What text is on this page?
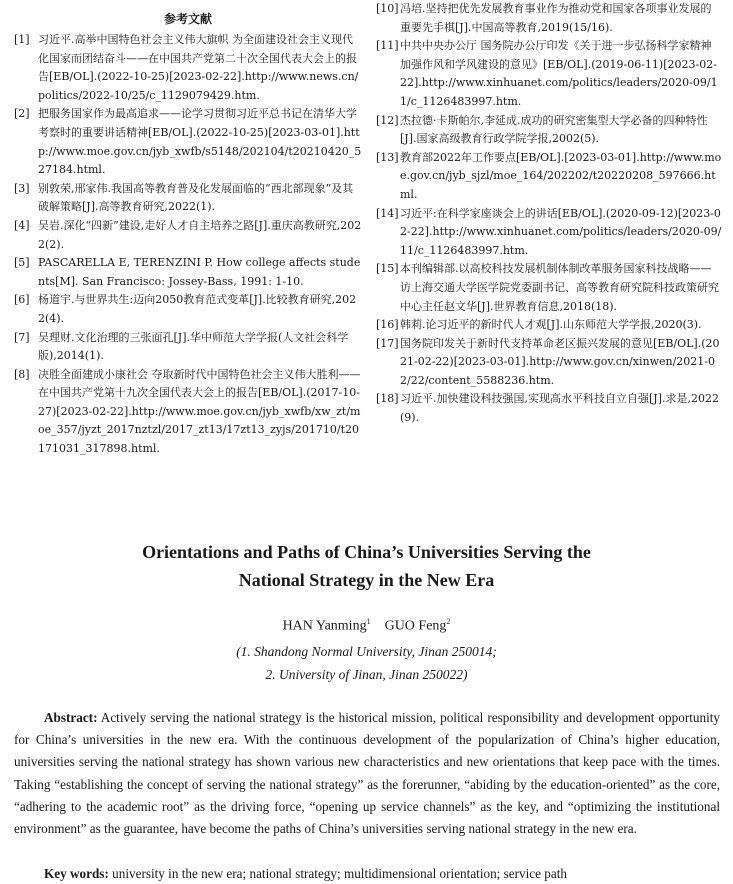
参考文献
[1] 习近平.高举中国特色社会主义伟大旗帜 为全面建设社会主义现代化国家而团结奋斗——在中国共产党第二十次全国代表大会上的报告[EB/OL].(2022-10-25)[2023-02-22].http://www.news.cn/politics/2022-10/25/c_1129079429.htm.
[2] 把服务国家作为最高追求——论学习贯彻习近平总书记在清华大学考察时的重要讲话精神[EB/OL].(2022-10-25)[2023-03-01].http://www.moe.gov.cn/jyb_xwfb/s5148/202104/t20210420_527184.html.
[3] 别敦荣,邢家伟.我国高等教育普及化发展面临的“西北部现象”及其破解策略[J].高等教育研究,2022(1).
[4] 吴岩.深化“四新”建设,走好人才自主培养之路[J].重庆高教研究,2022(2).
[5] PASCARELLA E, TERENZINI P. How college affects students[M]. San Francisco: Jossey-Bass, 1991: 1-10.
[6] 杨道宇.与世界共生:迈向2050教育范式变革[J].比较教育研究,2022(4).
[7] 吴理财.文化治理的三张面孔[J].华中师范大学学报(人文社会科学版),2014(1).
[8] 决胜全面建成小康社会 夺取新时代中国特色社会主义伟大胜利——在中国共产党第十九次全国代表大会上的报告[EB/OL].(2017-10-27)[2023-02-22].http://www.moe.gov.cn/jyb_xwfb/xw_zt/moe_357/jyzt_2017nztzl/2017_zt13/17zt13_zyjs/201710/t20171031_317898.html.
[10] 冯培.坚持把优先发展教育事业作为推动党和国家各项事业发展的重要先手棋[J].中国高等教育,2019(15/16).
[11] 中共中央办公厅 国务院办公厅印发《关于进一步弘扬科学家精神加强作风和学风建设的意见》[EB/OL].(2019-06-11)[2023-02-22].http://www.xinhuanet.com/politics/leaders/2020-09/11/c_1126483997.htm.
[12] 杰拉德·卡斯帕尔,李延成.成功的研究密集型大学必备的四种特性[J].国家高级教育行政学院学报,2002(5).
[13] 教育部2022年工作要点[EB/OL].[2023-03-01].http://www.moe.gov.cn/jyb_sjzl/moe_164/202202/t20220208_597666.html.
[14] 习近平:在科学家座谈会上的讲话[EB/OL].(2020-09-12)[2023-02-22].http://www.xinhuanet.com/politics/leaders/2020-09/11/c_1126483997.htm.
[15] 本刊编辑部.以高校科技发展机制体制改革服务国家科技战略——访上海交通大学医学院党委副书记、高等教育研究院科技政策研究中心主任赵文华[J].世界教育信息,2018(18).
[16] 韩莉.论习近平的新时代人才观[J].山东师范大学学报,2020(3).
[17] 国务院印发关于新时代支持革命老区振兴发展的意见[EB/OL].(2021-02-22)[2023-03-01].http://www.gov.cn/xinwen/2021-02/22/content_5588236.htm.
[18] 习近平.加快建设科技强国,实现高水平科技自立自强[J].求是,2022(9).

Orientations and Paths of China’s Universities Serving the

National Strategy in the New Era

HAN Yanming$^1$ GUO Feng$^2$
(1. Shandong Normal University, Jinan 250014;
2. University of Jinan, Jinan 250022)

Abstract: Actively serving the national strategy is the historical mission, political responsibility and development opportunity for China’s universities in the new era. With the continuous development of the popularization of China’s higher education, universities serving the national strategy has shown various new characteristics and new orientations that keep pace with the times. Taking “establishing the concept of serving the national strategy” as the forerunner, “abiding by the education-oriented” as the core, “adhering to the academic root” as the driving force, “opening up service channels” as the key, and “optimizing the institutional environment” as the guarantee, have become the paths of China’s universities serving national strategy in the new era.

Key words: university in the new era; national strategy; multidimensional orientation; service path
